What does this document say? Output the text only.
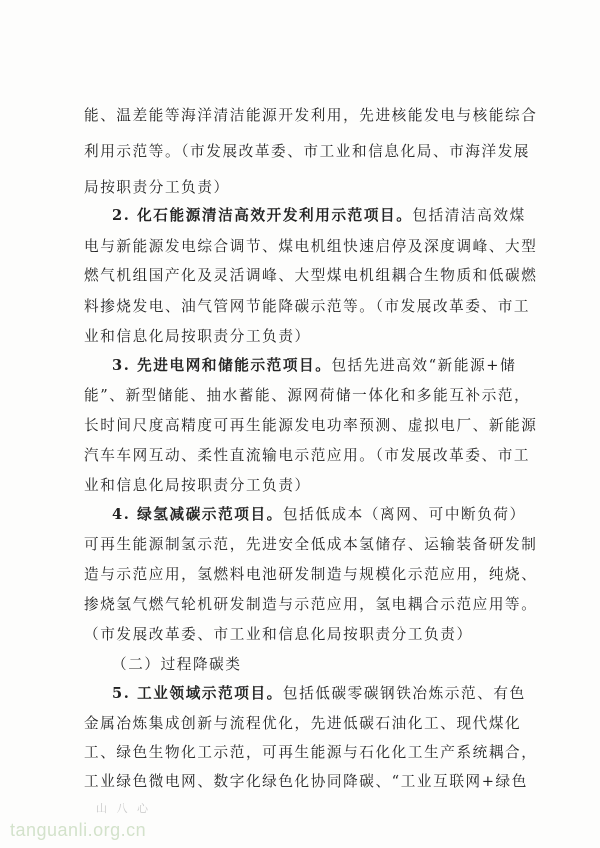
能、温差能等海洋清洁能源开发利用，先进核能发电与核能综合
利用示范等。（市发展改革委、市工业和信息化局、市海洋发展
局按职责分工负责）
2. 化石能源清洁高效开发利用示范项目。包括清洁高效煤
电与新能源发电综合调节、煤电机组快速启停及深度调峰、大型
燃气机组国产化及灵活调峰、大型煤电机组耦合生物质和低碳燃
料掺烧发电、油气管网节能降碳示范等。（市发展改革委、市工
业和信息化局按职责分工负责）
3. 先进电网和储能示范项目。包括先进高效“新能源+储
能”、新型储能、抽水蓄能、源网荷储一体化和多能互补示范，
长时间尺度高精度可再生能源发电功率预测、虚拟电厂、新能源
汽车车网互动、柔性直流输电示范应用。（市发展改革委、市工
业和信息化局按职责分工负责）
4. 绿氢减碳示范项目。包括低成本（离网、可中断负荷）
可再生能源制氢示范，先进安全低成本氢储存、运输装备研发制
造与示范应用，氢燃料电池研发制造与规模化示范应用，纯烧、
掺烧氢气燃气轮机研发制造与示范应用，氢电耦合示范应用等。
（市发展改革委、市工业和信息化局按职责分工负责）
（二）过程降碳类
5. 工业领域示范项目。包括低碳零碳钢铁冶炼示范、有色
金属冶炼集成创新与流程优化，先进低碳石油化工、现代煤化
工、绿色生物化工示范，可再生能源与石化化工生产系统耦合，
工业绿色微电网、数字化绿色化协同降碳、“工业互联网+绿色
山 八 心
tanguanli.org.cn
